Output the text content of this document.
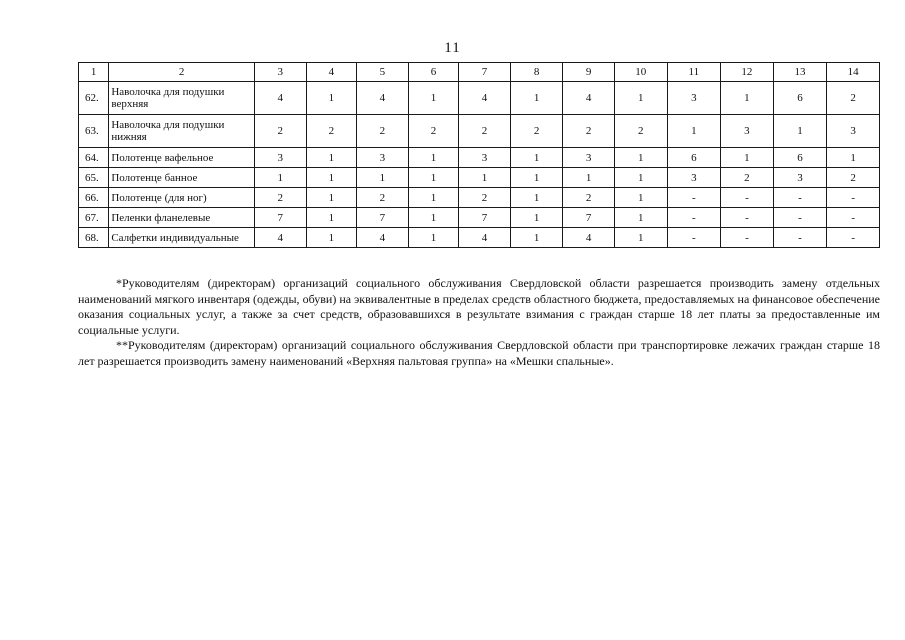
11
1	2	3	4	5	6	7	8	9	10	11	12	13	14
62.	Наволочка для подушки верхняя	4	1	4	1	4	1	4	1	3	1	6	2
63.	Наволочка для подушки нижняя	2	2	2	2	2	2	2	2	1	3	1	3
64.	Полотенце вафельное	3	1	3	1	3	1	3	1	6	1	6	1
65.	Полотенце банное	1	1	1	1	1	1	1	1	3	2	3	2
66.	Полотенце (для ног)	2	1	2	1	2	1	2	1	-	-	-	-
67.	Пеленки фланелевые	7	1	7	1	7	1	7	1	-	-	-	-
68.	Салфетки индивидуальные	4	1	4	1	4	1	4	1	-	-	-	-

*Руководителям (директорам) организаций социального обслуживания Свердловской области разрешается производить замену отдельных наименований мягкого инвентаря (одежды, обуви) на эквивалентные в пределах средств областного бюджета, предоставляемых на финансовое обеспечение оказания социальных услуг, а также за счет средств, образовавшихся в результате взимания с граждан старше 18 лет платы за предоставленные им социальные услуги.

**Руководителям (директорам) организаций социального обслуживания Свердловской области при транспортировке лежачих граждан старше 18 лет разрешается производить замену наименований «Верхняя пальтовая группа» на «Мешки спальные».
